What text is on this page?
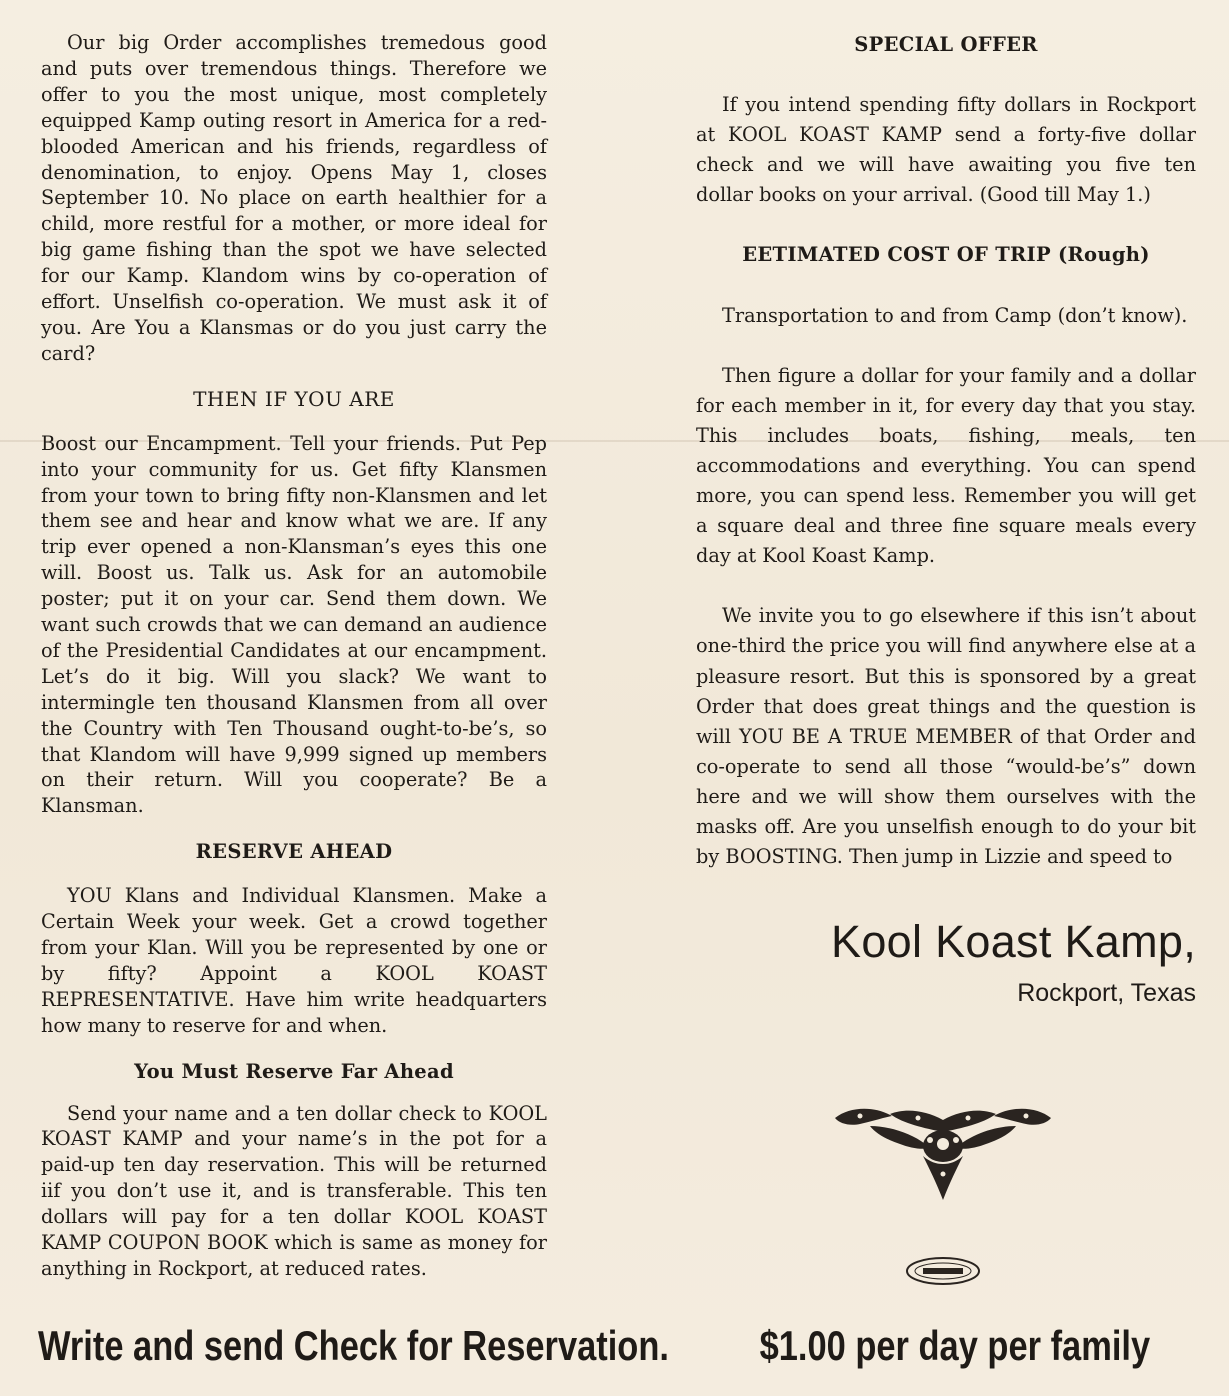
Our big Order accomplishes tremedous good and puts over tremendous things. Therefore we offer to you the most unique, most completely equipped Kamp outing resort in America for a red-blooded American and his friends, regardless of denomination, to enjoy. Opens May 1, closes September 10. No place on earth healthier for a child, more restful for a mother, or more ideal for big game fishing than the spot we have selected for our Kamp. Klandom wins by co-operation of effort. Unselfish co-operation. We must ask it of you. Are You a Klansmas or do you just carry the card?

THEN IF YOU ARE

Boost our Encampment. Tell your friends. Put Pep into your community for us. Get fifty Klansmen from your town to bring fifty non-Klansmen and let them see and hear and know what we are. If any trip ever opened a non-Klansman’s eyes this one will. Boost us. Talk us. Ask for an automobile poster; put it on your car. Send them down. We want such crowds that we can demand an audience of the Presidential Candidates at our encampment. Let’s do it big. Will you slack? We want to intermingle ten thousand Klansmen from all over the Country with Ten Thousand ought-to-be’s, so that Klandom will have 9,999 signed up members on their return. Will you cooperate? Be a Klansman.

RESERVE AHEAD

YOU Klans and Individual Klansmen. Make a Certain Week your week. Get a crowd together from your Klan. Will you be represented by one or by fifty? Appoint a KOOL KOAST REPRESENTATIVE. Have him write headquarters how many to reserve for and when.

You Must Reserve Far Ahead

Send your name and a ten dollar check to KOOL KOAST KAMP and your name’s in the pot for a paid-up ten day reservation. This will be returned iif you don’t use it, and is transferable. This ten dollars will pay for a ten dollar KOOL KOAST KAMP COUPON BOOK which is same as money for anything in Rockport, at reduced rates.

SPECIAL OFFER

If you intend spending fifty dollars in Rockport at KOOL KOAST KAMP send a forty-five dollar check and we will have awaiting you five ten dollar books on your arrival. (Good till May 1.)

EETIMATED COST OF TRIP (Rough)

Transportation to and from Camp (don’t know).

Then figure a dollar for your family and a dollar for each member in it, for every day that you stay. This includes boats, fishing, meals, ten accommodations and everything. You can spend more, you can spend less. Remember you will get a square deal and three fine square meals every day at Kool Koast Kamp.

We invite you to go elsewhere if this isn’t about one-third the price you will find anywhere else at a pleasure resort. But this is sponsored by a great Order that does great things and the question is will YOU BE A TRUE MEMBER of that Order and co-operate to send all those “would-be’s” down here and we will show them ourselves with the masks off. Are you unselfish enough to do your bit by BOOSTING. Then jump in Lizzie and speed to

Kool Koast Kamp,
Rockport, Texas
Write and send Check for Reservation. $1.00 per day per family
